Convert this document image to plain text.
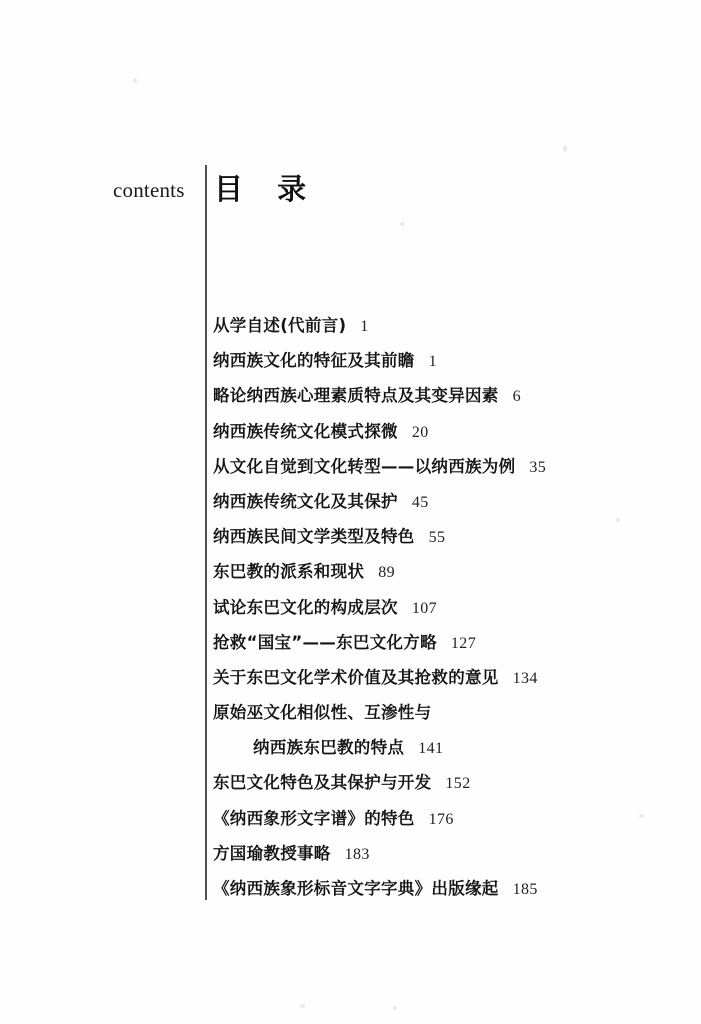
contents 目 录
从学自述(代前言) 1
纳西族文化的特征及其前瞻 1
略论纳西族心理素质特点及其变异因素 6
纳西族传统文化模式探微 20
从文化自觉到文化转型——以纳西族为例 35
纳西族传统文化及其保护 45
纳西族民间文学类型及特色 55
东巴教的派系和现状 89
试论东巴文化的构成层次 107
抢救“国宝”——东巴文化方略 127
关于东巴文化学术价值及其抢救的意见 134
原始巫文化相似性、互渗性与
纳西族东巴教的特点 141
东巴文化特色及其保护与开发 152
《纳西象形文字谱》的特色 176
方国瑜教授事略 183
《纳西族象形标音文字字典》出版缘起 185
